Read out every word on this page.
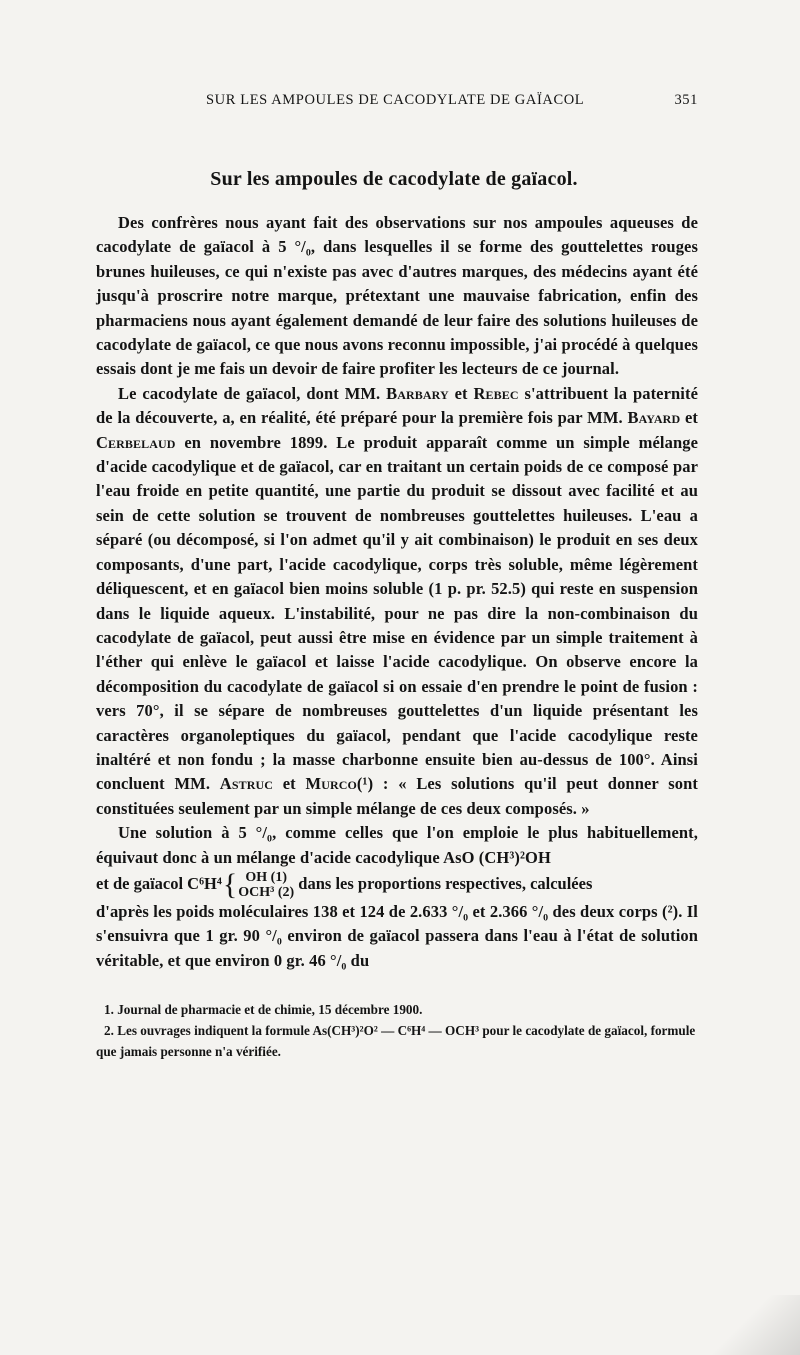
SUR LES AMPOULES DE CACODYLATE DE GAÏACOL	351
Sur les ampoules de cacodylate de gaïacol.

Des confrères nous ayant fait des observations sur nos ampoules aqueuses de cacodylate de gaïacol à 5 °/₀, dans lesquelles il se forme des gouttelettes rouges brunes huileuses, ce qui n'existe pas avec d'autres marques, des médecins ayant été jusqu'à proscrire notre marque, prétextant une mauvaise fabrication, enfin des pharmaciens nous ayant également demandé de leur faire des solutions huileuses de cacodylate de gaïacol, ce que nous avons reconnu impossible, j'ai procédé à quelques essais dont je me fais un devoir de faire profiter les lecteurs de ce journal.

Le cacodylate de gaïacol, dont MM. Barbary et Rebec s'attribuent la paternité de la découverte, a, en réalité, été préparé pour la première fois par MM. Bayard et Cerbelaud en novembre 1899. Le produit apparaît comme un simple mélange d'acide cacodylique et de gaïacol, car en traitant un certain poids de ce composé par l'eau froide en petite quantité, une partie du produit se dissout avec facilité et au sein de cette solution se trouvent de nombreuses gouttelettes huileuses. L'eau a séparé (ou décomposé, si l'on admet qu'il y ait combinaison) le produit en ses deux composants, d'une part, l'acide cacodylique, corps très soluble, même légèrement déliquescent, et en gaïacol bien moins soluble (1 p. pr. 52.5) qui reste en suspension dans le liquide aqueux. L'instabilité, pour ne pas dire la non-combinaison du cacodylate de gaïacol, peut aussi être mise en évidence par un simple traitement à l'éther qui enlève le gaïacol et laisse l'acide cacodylique. On observe encore la décomposition du cacodylate de gaïacol si on essaie d'en prendre le point de fusion : vers 70°, il se sépare de nombreuses gouttelettes d'un liquide présentant les caractères organoleptiques du gaïacol, pendant que l'acide cacodylique reste inaltéré et non fondu ; la masse charbonne ensuite bien au-dessus de 100°. Ainsi concluent MM. Astruc et Murco(¹) : « Les solutions qu'il peut donner sont constituées seulement par un simple mélange de ces deux composés. »

Une solution à 5 °/₀, comme celles que l'on emploie le plus habituellement, équivaut donc à un mélange d'acide cacodylique AsO (CH³)²OH

et de gaïacol C⁶H⁴ { OH (1)
OCH³ (2) dans les proportions respectives, calculées

d'après les poids moléculaires 138 et 124 de 2.633 °/₀ et 2.366 °/₀ des deux corps (²). Il s'ensuivra que 1 gr. 90 °/₀ environ de gaïacol passera dans l'eau à l'état de solution véritable, et que environ 0 gr. 46 °/₀ du

1. Journal de pharmacie et de chimie, 15 décembre 1900.

2. Les ouvrages indiquent la formule As(CH³)²O² — C⁶H⁴ — OCH³ pour le cacodylate de gaïacol, formule que jamais personne n'a vérifiée.
